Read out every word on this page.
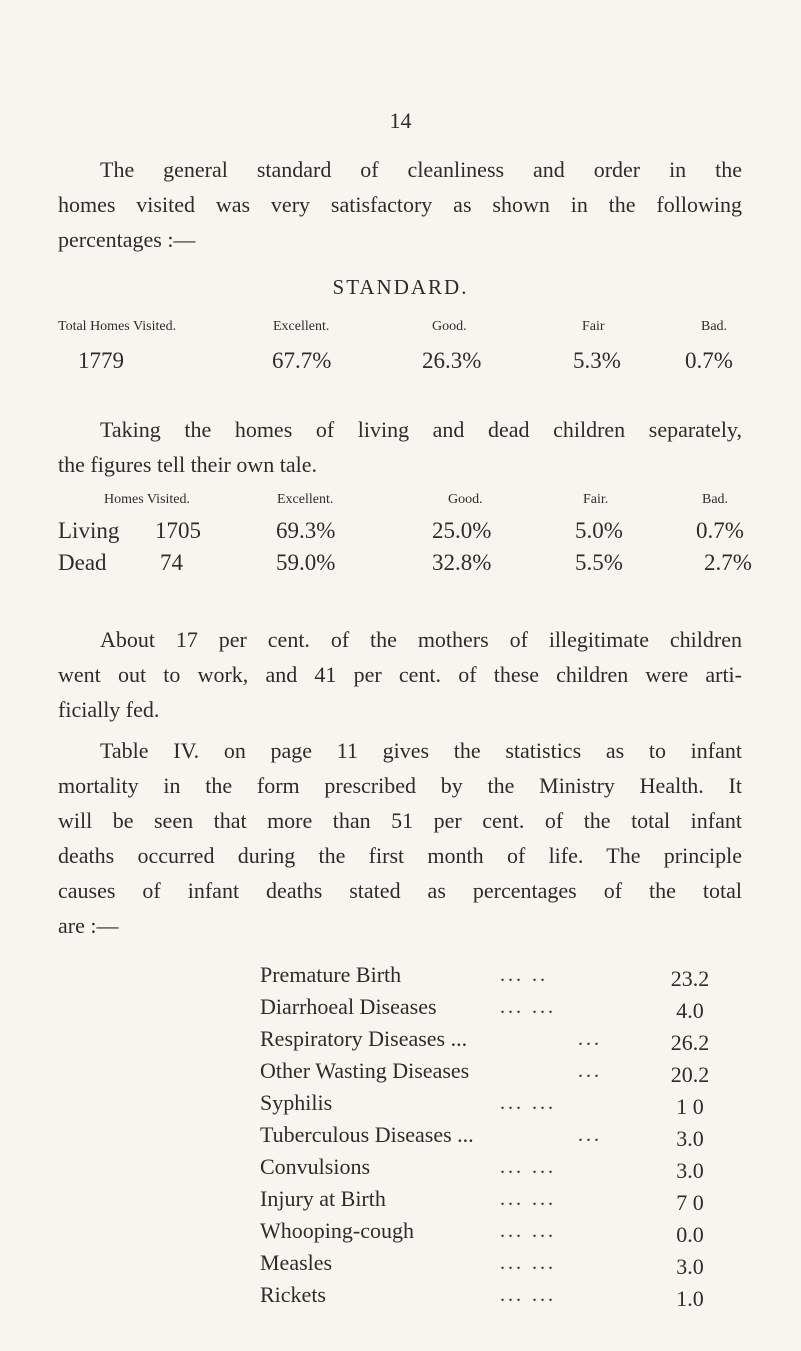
14
The general standard of cleanliness and order in the
homes visited was very satisfactory as shown in the following
percentages :—
STANDARD.
Total Homes Visited.	Excellent.	Good.	Fair	Bad.
1779	67.7%	26.3%	5.3%	0.7%
Taking the homes of living and dead children separately,
the figures tell their own tale.
Homes Visited.	Excellent.	Good.	Fair.	Bad.
Living 1705	69.3%	25.0%	5.0%	0.7%
Dead 74	59.0%	32.8%	5.5%	2.7%
About 17 per cent. of the mothers of illegitimate children
went out to work, and 41 per cent. of these children were arti-
ficially fed.
Table IV. on page 11 gives the statistics as to infant
mortality in the form prescribed by the Ministry Health. It
will be seen that more than 51 per cent. of the total infant
deaths occurred during the first month of life. The principle
causes of infant deaths stated as percentages of the total
are :—
Premature Birth	... ..	23.2
Diarrhoeal Diseases	... ...	4.0
Respiratory Diseases ...	...	26.2
Other Wasting Diseases	...	20.2
Syphilis	... ...	1 0
Tuberculous Diseases ...	...	3.0
Convulsions	... ...	3.0
Injury at Birth	... ...	7 0
Whooping-cough	... ...	0.0
Measles	... ...	3.0
Rickets	... ...	1.0
